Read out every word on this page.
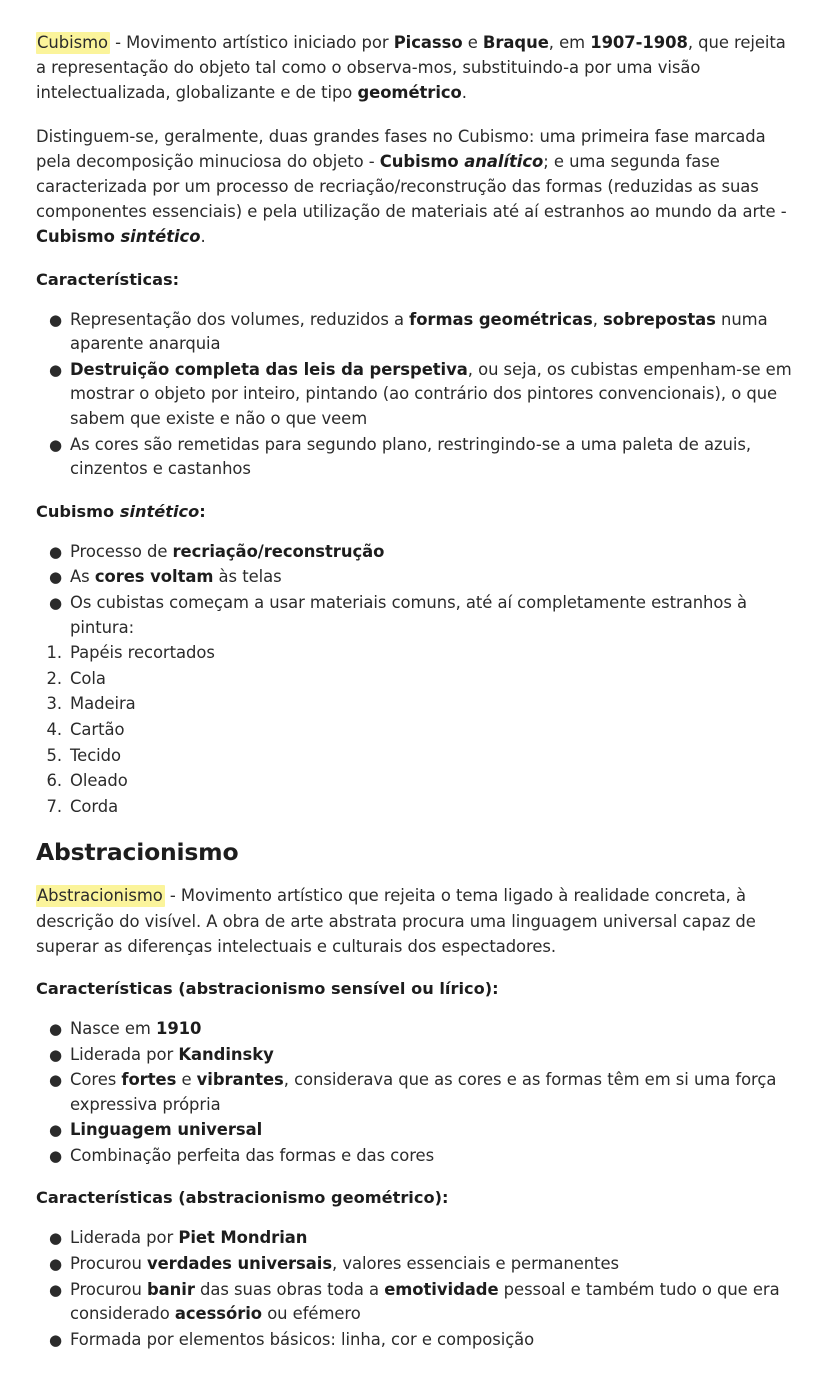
Cubismo - Movimento artístico iniciado por Picasso e Braque, em 1907-1908, que rejeita a representação do objeto tal como o observa-mos, substituindo-a por uma visão intelectualizada, globalizante e de tipo geométrico.

Distinguem-se, geralmente, duas grandes fases no Cubismo: uma primeira fase marcada pela decomposição minuciosa do objeto - Cubismo analítico; e uma segunda fase caracterizada por um processo de recriação/reconstrução das formas (reduzidas as suas componentes essenciais) e pela utilização de materiais até aí estranhos ao mundo da arte - Cubismo sintético.

Características:

● Representação dos volumes, reduzidos a formas geométricas, sobrepostas numa aparente anarquia
● Destruição completa das leis da perspetiva, ou seja, os cubistas empenham-se em mostrar o objeto por inteiro, pintando (ao contrário dos pintores convencionais), o que sabem que existe e não o que veem
● As cores são remetidas para segundo plano, restringindo-se a uma paleta de azuis, cinzentos e castanhos

Cubismo sintético:

● Processo de recriação/reconstrução
● As cores voltam às telas
● Os cubistas começam a usar materiais comuns, até aí completamente estranhos à pintura:
1. Papéis recortados
2. Cola
3. Madeira
4. Cartão
5. Tecido
6. Oleado
7. Corda
Abstracionismo

Abstracionismo - Movimento artístico que rejeita o tema ligado à realidade concreta, à descrição do visível. A obra de arte abstrata procura uma linguagem universal capaz de superar as diferenças intelectuais e culturais dos espectadores.

Características (abstracionismo sensível ou lírico):

● Nasce em 1910
● Liderada por Kandinsky
● Cores fortes e vibrantes, considerava que as cores e as formas têm em si uma força expressiva própria
● Linguagem universal
● Combinação perfeita das formas e das cores

Características (abstracionismo geométrico):

● Liderada por Piet Mondrian
● Procurou verdades universais, valores essenciais e permanentes
● Procurou banir das suas obras toda a emotividade pessoal e também tudo o que era considerado acessório ou efémero
● Formada por elementos básicos: linha, cor e composição
